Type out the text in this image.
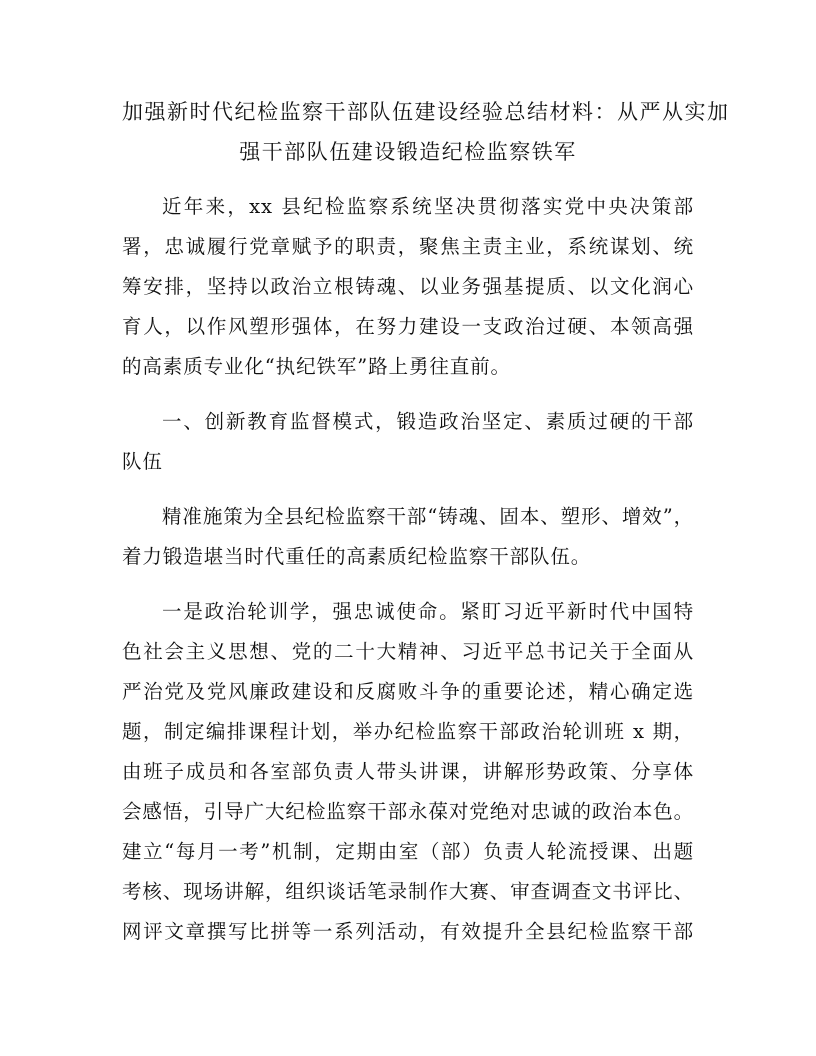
加强新时代纪检监察干部队伍建设经验总结材料：从严从实加
强干部队伍建设锻造纪检监察铁军

近年来，xx 县纪检监察系统坚决贯彻落实党中央决策部
署，忠诚履行党章赋予的职责，聚焦主责主业，系统谋划、统
筹安排，坚持以政治立根铸魂、以业务强基提质、以文化润心
育人，以作风塑形强体，在努力建设一支政治过硬、本领高强
的高素质专业化“执纪铁军”路上勇往直前。

一、创新教育监督模式，锻造政治坚定、素质过硬的干部
队伍

精准施策为全县纪检监察干部“铸魂、固本、塑形、增效”，
着力锻造堪当时代重任的高素质纪检监察干部队伍。

一是政治轮训学，强忠诚使命。紧盯习近平新时代中国特
色社会主义思想、党的二十大精神、习近平总书记关于全面从
严治党及党风廉政建设和反腐败斗争的重要论述，精心确定选
题，制定编排课程计划，举办纪检监察干部政治轮训班 x 期，
由班子成员和各室部负责人带头讲课，讲解形势政策、分享体
会感悟，引导广大纪检监察干部永葆对党绝对忠诚的政治本色。
建立“每月一考”机制，定期由室（部）负责人轮流授课、出题
考核、现场讲解，组织谈话笔录制作大赛、审查调查文书评比、
网评文章撰写比拼等一系列活动，有效提升全县纪检监察干部
